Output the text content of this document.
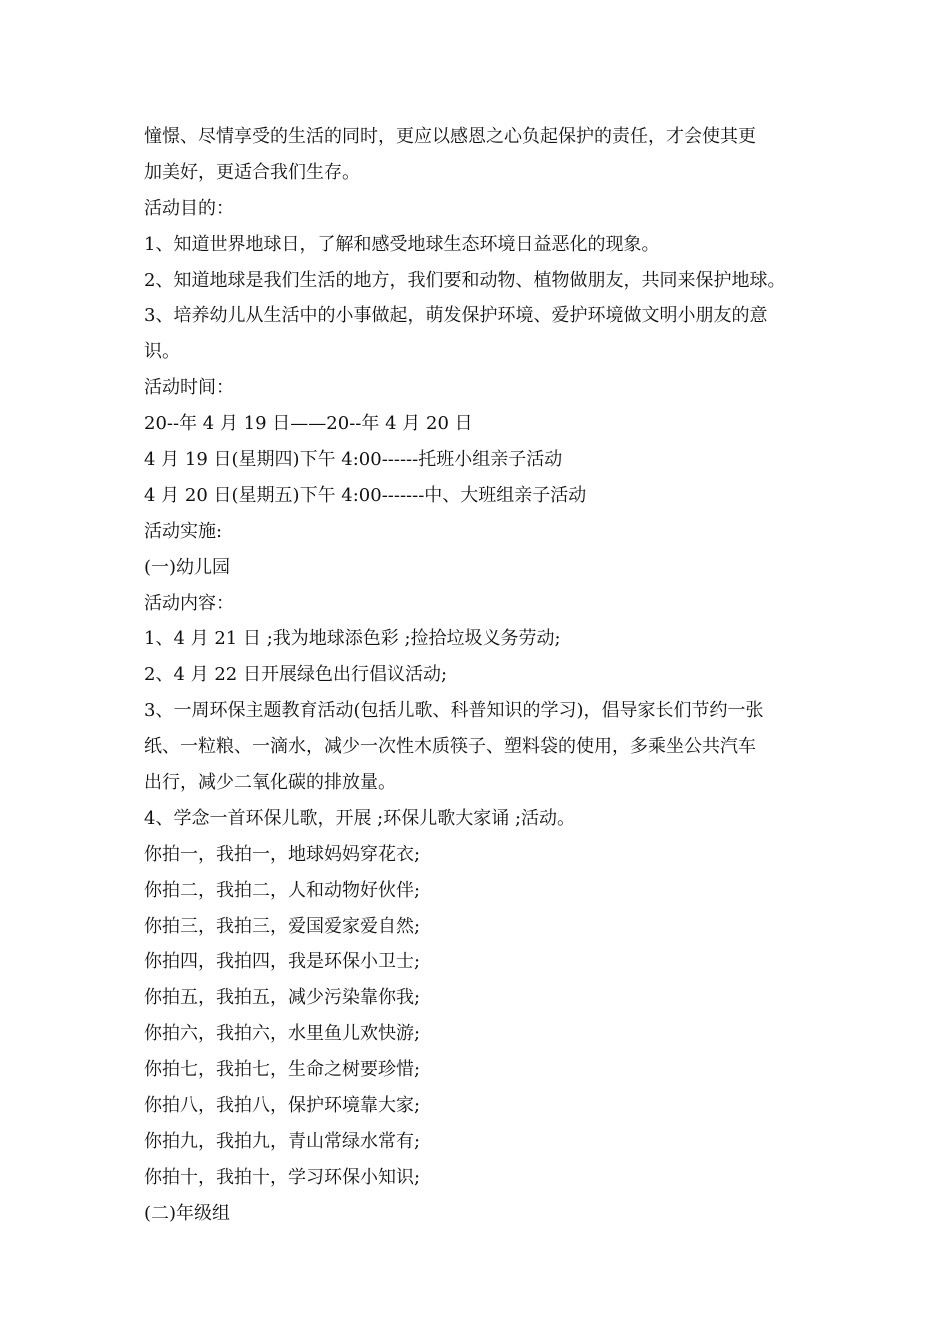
憧憬、尽情享受的生活的同时，更应以感恩之心负起保护的责任，才会使其更
加美好，更适合我们生存。
活动目的：
1、知道世界地球日，了解和感受地球生态环境日益恶化的现象。
2、知道地球是我们生活的地方，我们要和动物、植物做朋友，共同来保护地球。
3、培养幼儿从生活中的小事做起，萌发保护环境、爱护环境做文明小朋友的意
识。
活动时间：
20--年 4 月 19 日——20--年 4 月 20 日
4 月 19 日(星期四)下午 4:00------托班小组亲子活动
4 月 20 日(星期五)下午 4:00-------中、大班组亲子活动
活动实施:
(一)幼儿园
活动内容：
1、4 月 21 日 ;我为地球添色彩 ;捡拾垃圾义务劳动;
2、4 月 22 日开展绿色出行倡议活动;
3、一周环保主题教育活动(包括儿歌、科普知识的学习)，倡导家长们节约一张
纸、一粒粮、一滴水，减少一次性木质筷子、塑料袋的使用，多乘坐公共汽车
出行，减少二氧化碳的排放量。
4、学念一首环保儿歌，开展 ;环保儿歌大家诵 ;活动。
你拍一，我拍一，地球妈妈穿花衣;
你拍二，我拍二，人和动物好伙伴;
你拍三，我拍三，爱国爱家爱自然;
你拍四，我拍四，我是环保小卫士;
你拍五，我拍五，减少污染靠你我;
你拍六，我拍六，水里鱼儿欢快游;
你拍七，我拍七，生命之树要珍惜;
你拍八，我拍八，保护环境靠大家;
你拍九，我拍九，青山常绿水常有;
你拍十，我拍十，学习环保小知识;
(二)年级组
